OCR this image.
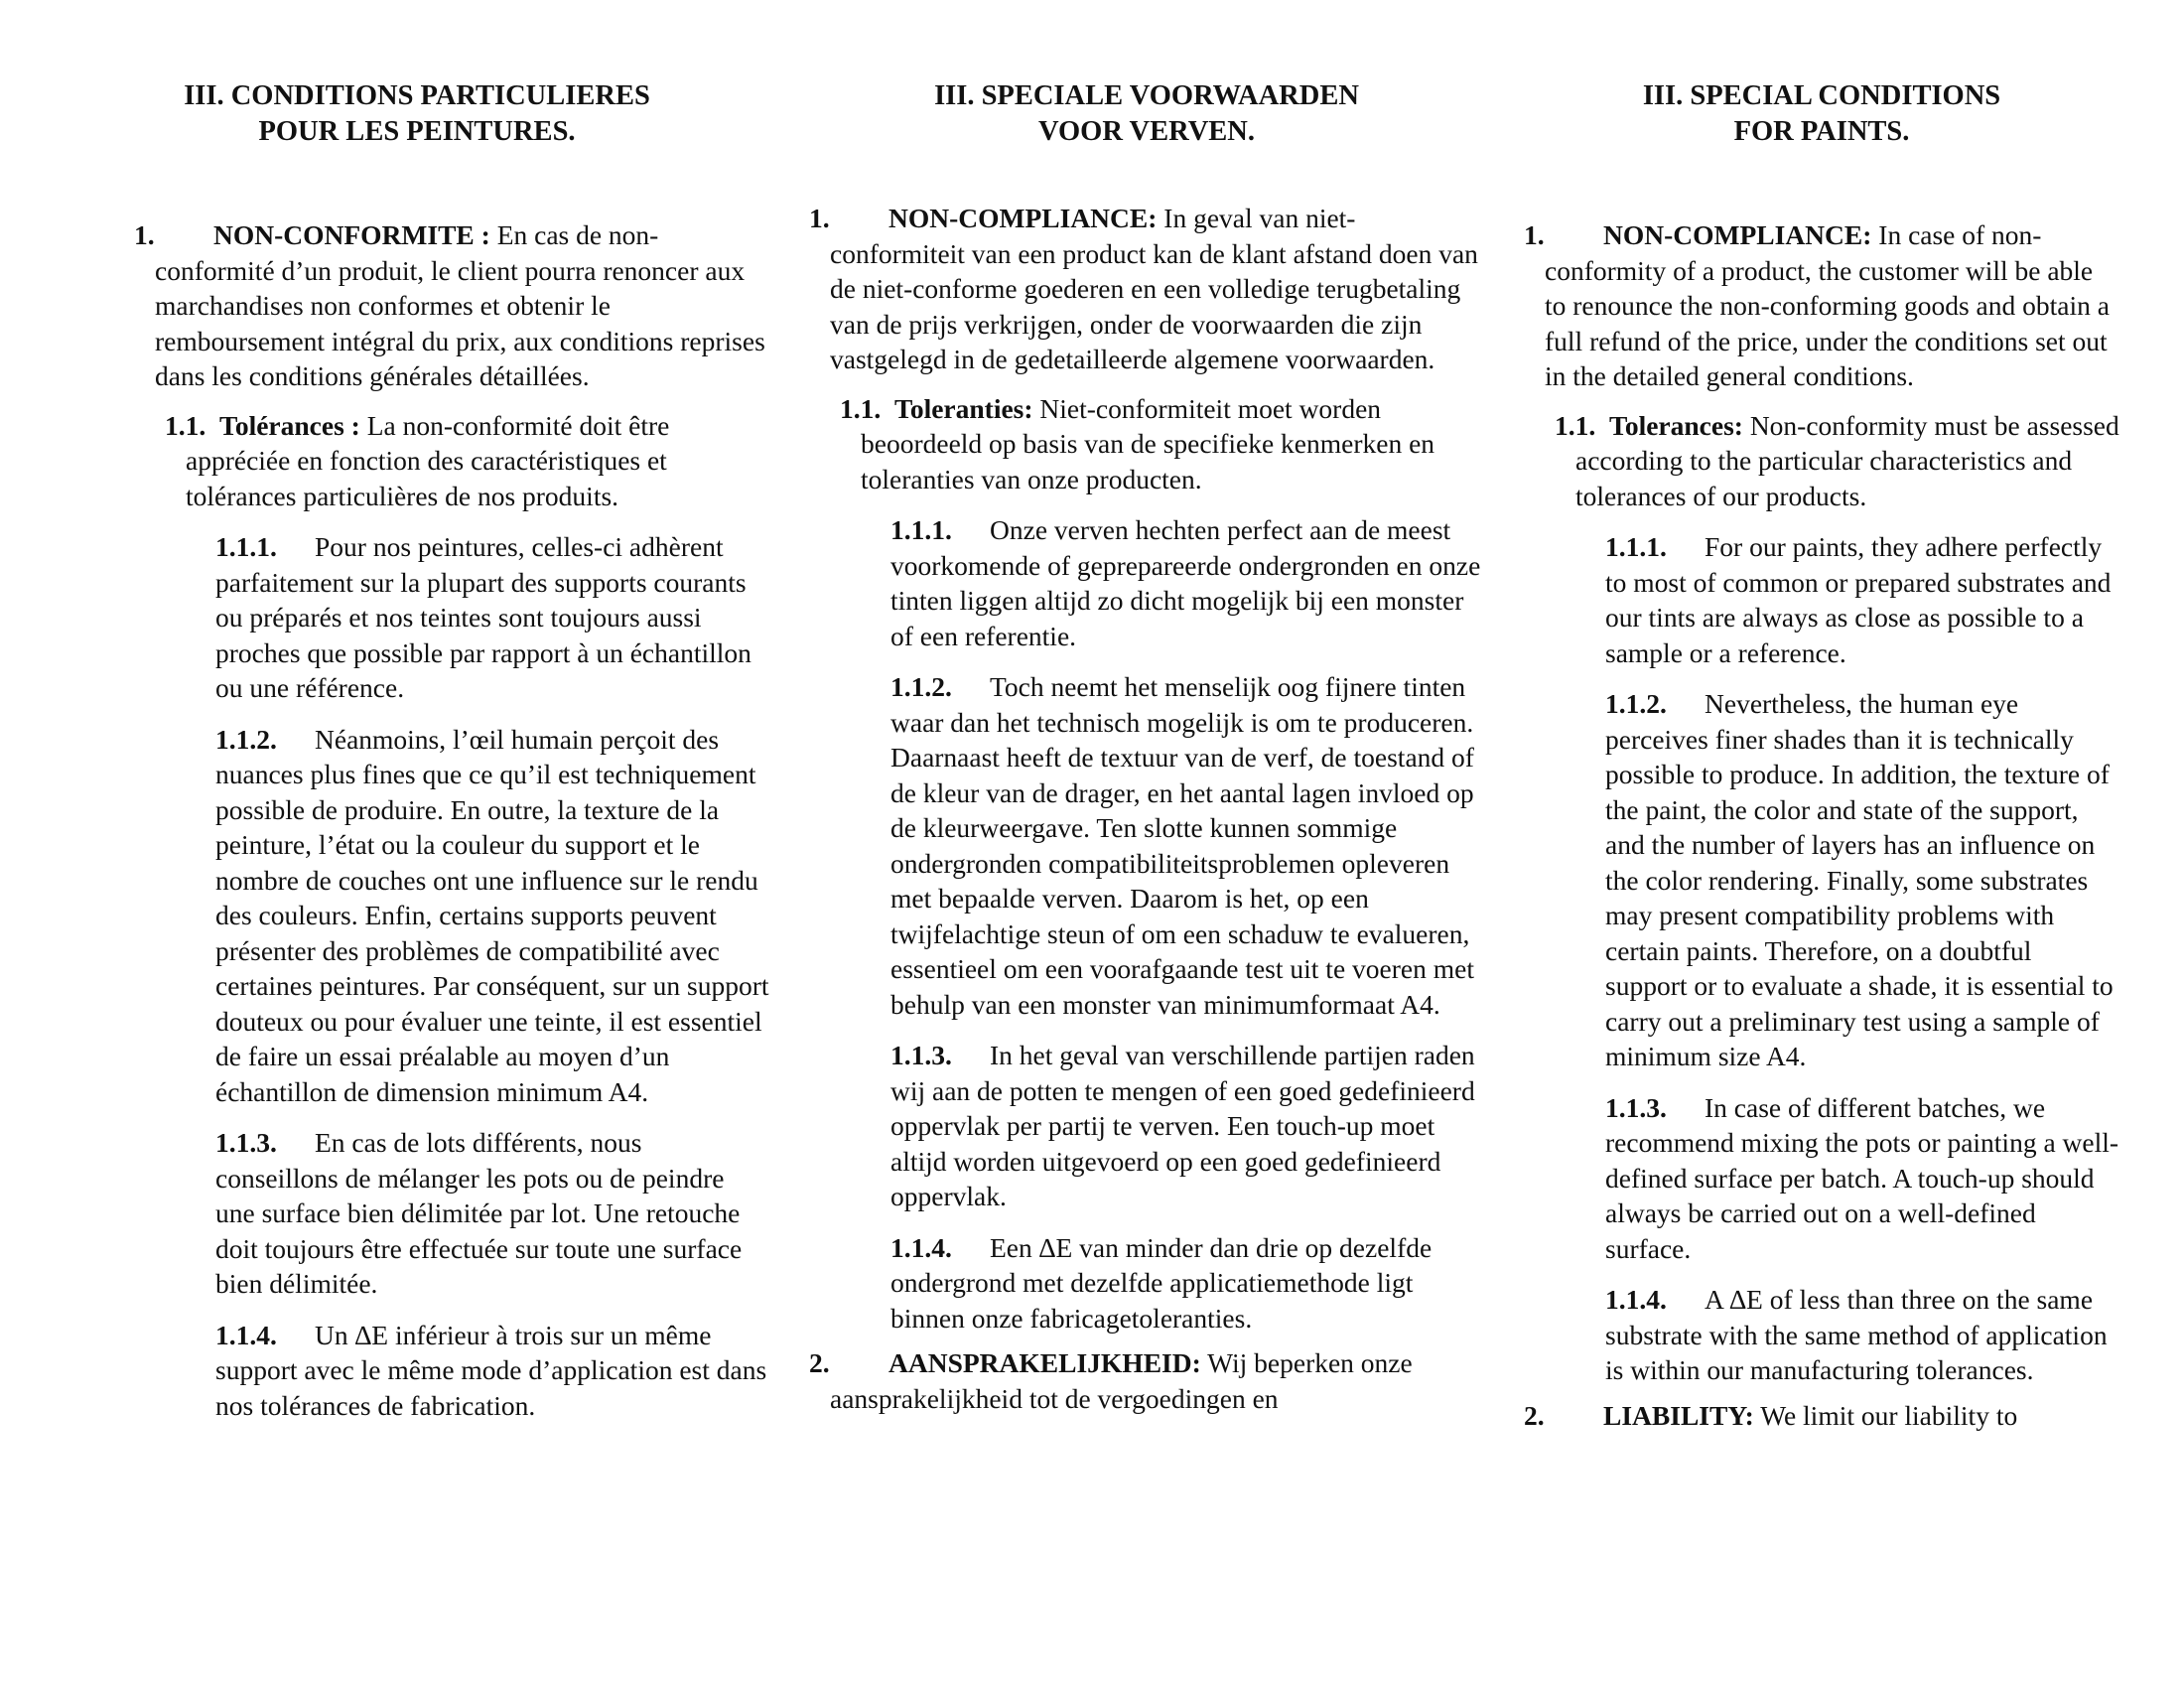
III. CONDITIONS PARTICULIERES
POUR LES PEINTURES.
1. NON-CONFORMITE : En cas de non-conformité d’un produit, le client pourra renoncer aux marchandises non conformes et obtenir le remboursement intégral du prix, aux conditions reprises dans les conditions générales détaillées.
1.1. Tolérances : La non-conformité doit être appréciée en fonction des caractéristiques et tolérances particulières de nos produits.
1.1.1. Pour nos peintures, celles-ci adhèrent parfaitement sur la plupart des supports courants ou préparés et nos teintes sont toujours aussi proches que possible par rapport à un échantillon ou une référence.
1.1.2. Néanmoins, l’œil humain perçoit des nuances plus fines que ce qu’il est techniquement possible de produire. En outre, la texture de la peinture, l’état ou la couleur du support et le nombre de couches ont une influence sur le rendu des couleurs. Enfin, certains supports peuvent présenter des problèmes de compatibilité avec certaines peintures. Par conséquent, sur un support douteux ou pour évaluer une teinte, il est essentiel de faire un essai préalable au moyen d’un échantillon de dimension minimum A4.
1.1.3. En cas de lots différents, nous conseillons de mélanger les pots ou de peindre une surface bien délimitée par lot. Une retouche doit toujours être effectuée sur toute une surface bien délimitée.
1.1.4. Un ∆E inférieur à trois sur un même support avec le même mode d’application est dans nos tolérances de fabrication.
III. SPECIALE VOORWAARDEN
VOOR VERVEN.
1. NON-COMPLIANCE: In geval van niet-conformiteit van een product kan de klant afstand doen van de niet-conforme goederen en een volledige terugbetaling van de prijs verkrijgen, onder de voorwaarden die zijn vastgelegd in de gedetailleerde algemene voorwaarden.
1.1. Toleranties: Niet-conformiteit moet worden beoordeeld op basis van de specifieke kenmerken en toleranties van onze producten.
1.1.1. Onze verven hechten perfect aan de meest voorkomende of geprepareerde ondergronden en onze tinten liggen altijd zo dicht mogelijk bij een monster of een referentie.
1.1.2. Toch neemt het menselijk oog fijnere tinten waar dan het technisch mogelijk is om te produceren. Daarnaast heeft de textuur van de verf, de toestand of de kleur van de drager, en het aantal lagen invloed op de kleurweergave. Ten slotte kunnen sommige ondergronden compatibiliteitsproblemen opleveren met bepaalde verven. Daarom is het, op een twijfelachtige steun of om een schaduw te evalueren, essentieel om een voorafgaande test uit te voeren met behulp van een monster van minimumformaat A4.
1.1.3. In het geval van verschillende partijen raden wij aan de potten te mengen of een goed gedefinieerd oppervlak per partij te verven. Een touch-up moet altijd worden uitgevoerd op een goed gedefinieerd oppervlak.
1.1.4. Een ∆E van minder dan drie op dezelfde ondergrond met dezelfde applicatiemethode ligt binnen onze fabricagetoleranties.
2. AANSPRAKELIJKHEID: Wij beperken onze aansprakelijkheid tot de vergoedingen en
III. SPECIAL CONDITIONS
FOR PAINTS.
1. NON-COMPLIANCE: In case of non-conformity of a product, the customer will be able to renounce the non-conforming goods and obtain a full refund of the price, under the conditions set out in the detailed general conditions.
1.1. Tolerances: Non-conformity must be assessed according to the particular characteristics and tolerances of our products.
1.1.1. For our paints, they adhere perfectly to most of common or prepared substrates and our tints are always as close as possible to a sample or a reference.
1.1.2. Nevertheless, the human eye perceives finer shades than it is technically possible to produce. In addition, the texture of the paint, the color and state of the support, and the number of layers has an influence on the color rendering. Finally, some substrates may present compatibility problems with certain paints. Therefore, on a doubtful support or to evaluate a shade, it is essential to carry out a preliminary test using a sample of minimum size A4.
1.1.3. In case of different batches, we recommend mixing the pots or painting a well-defined surface per batch. A touch-up should always be carried out on a well-defined surface.
1.1.4. A ∆E of less than three on the same substrate with the same method of application is within our manufacturing tolerances.
2. LIABILITY: We limit our liability to
